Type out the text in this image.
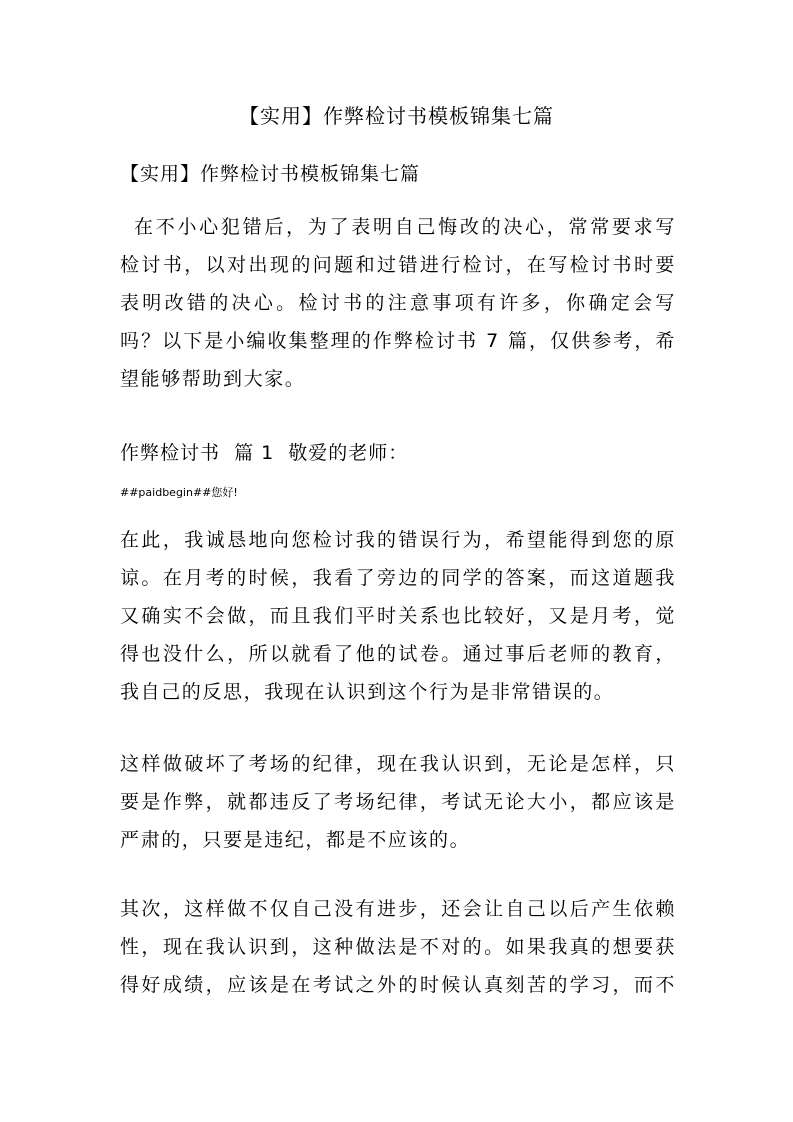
【实用】作弊检讨书模板锦集七篇
【实用】作弊检讨书模板锦集七篇
在不小心犯错后，为了表明自己悔改的决心，常常要求写
检讨书，以对出现的问题和过错进行检讨，在写检讨书时要
表明改错的决心。检讨书的注意事项有许多，你确定会写
吗？以下是小编收集整理的作弊检讨书 7 篇，仅供参考，希
望能够帮助到大家。
作弊检讨书  篇 1  敬爱的老师：
##paidbegin##您好!
在此，我诚恳地向您检讨我的错误行为，希望能得到您的原
谅。在月考的时候，我看了旁边的同学的答案，而这道题我
又确实不会做，而且我们平时关系也比较好，又是月考，觉
得也没什么，所以就看了他的试卷。通过事后老师的教育，
我自己的反思，我现在认识到这个行为是非常错误的。
这样做破坏了考场的纪律，现在我认识到，无论是怎样，只
要是作弊，就都违反了考场纪律，考试无论大小，都应该是
严肃的，只要是违纪，都是不应该的。
其次，这样做不仅自己没有进步，还会让自己以后产生依赖
性，现在我认识到，这种做法是不对的。如果我真的想要获
得好成绩，应该是在考试之外的时候认真刻苦的学习，而不
